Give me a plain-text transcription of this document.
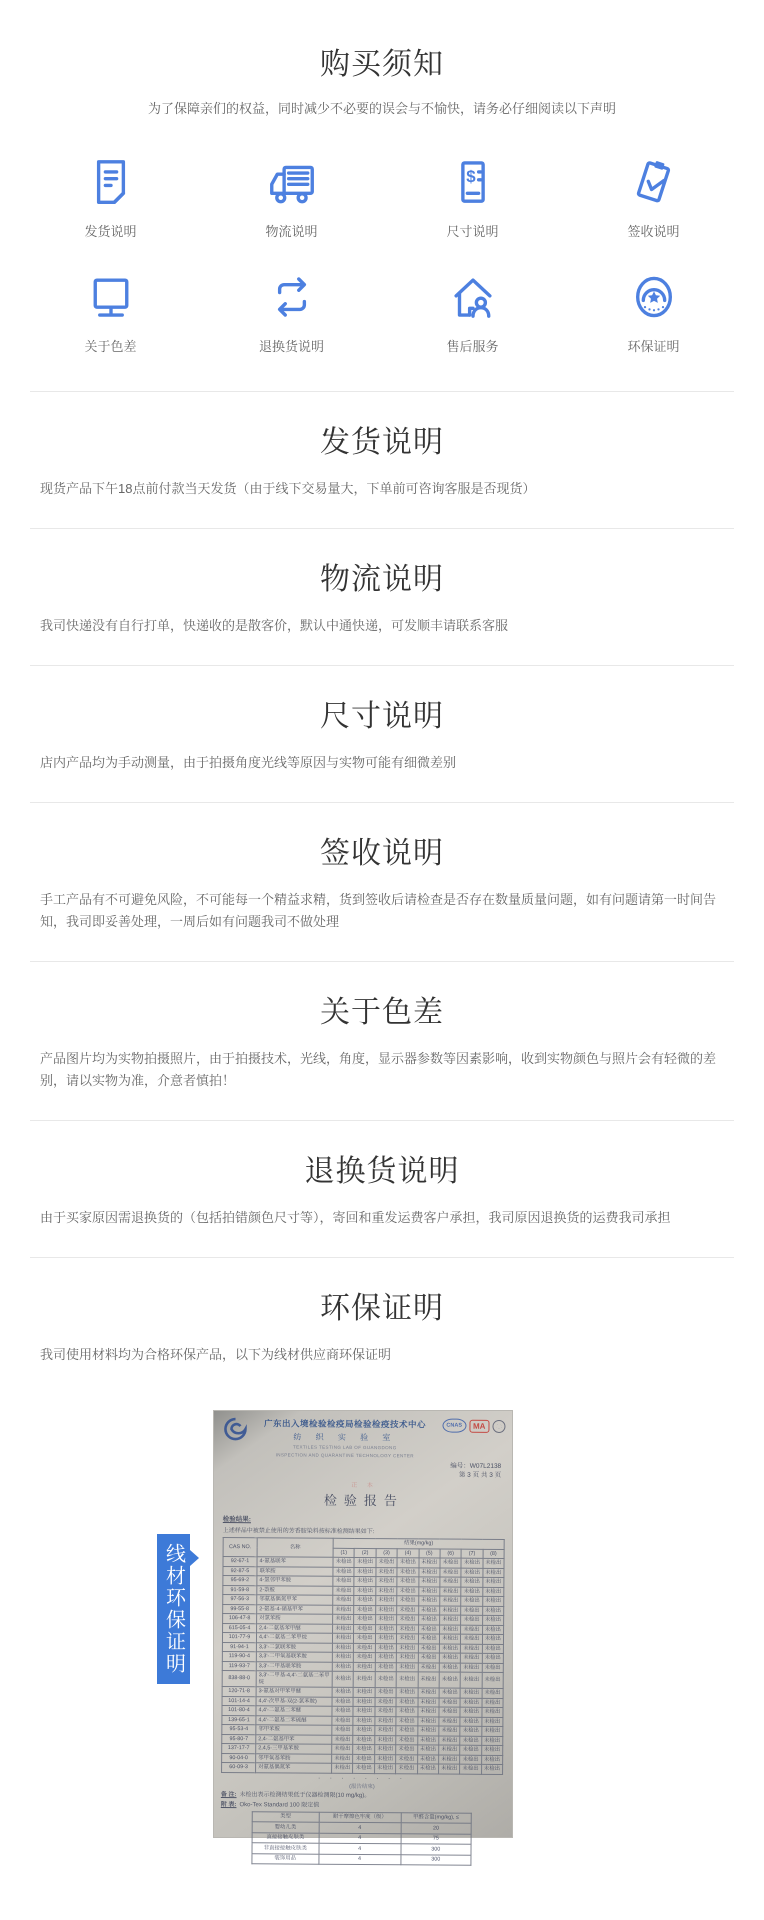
购买须知
为了保障亲们的权益，同时减少不必要的误会与不愉快，请务必仔细阅读以下声明
发货说明	物流说明
$
尺寸说明	签收说明
关于色差	退换货说明	售后服务	环保证明
发货说明

现货产品下午18点前付款当天发货（由于线下交易量大，下单前可咨询客服是否现货）

物流说明

我司快递没有自行打单，快递收的是散客价，默认中通快递，可发顺丰请联系客服

尺寸说明

店内产品均为手动测量，由于拍摄角度光线等原因与实物可能有细微差别

签收说明

手工产品有不可避免风险，不可能每一个精益求精，货到签收后请检查是否存在数量质量问题，如有问题请第一时间告知，我司即妥善处理，一周后如有问题我司不做处理

关于色差

产品图片均为实物拍摄照片，由于拍摄技术，光线，角度，显示器参数等因素影响，收到实物颜色与照片会有轻微的差别，请以实物为准，介意者慎拍！

退换货说明

由于买家原因需退换货的（包括拍错颜色尺寸等），寄回和重发运费客户承担，我司原因退换货的运费我司承担

环保证明

我司使用材料均为合格环保产品，以下为线材供应商环保证明

线材环保证明
广东出入境检验检疫局检验检疫技术中心
纺 织 实 验 室
TEXTILES TESTING LAB OF GUANGDONG
INSPECTION AND QUARANTINE TECHNOLOGY CENTER
CNAS	MA
编号：W07L2138
第 3 页 共 3 页
正 本
检验报告
检验结果:
上述样品中被禁止使用的芳香胺染料按标准检测结果如下:
CAS NO.	名称	结果(mg/kg)							
		(1)	(2)	(3)	(4)	(5)	(6)	(7)	(8)
92-67-1	4-氨基联苯	未检出	未检出	未检出	未检出	未检出	未检出	未检出	未检出
92-87-5	联苯胺	未检出	未检出	未检出	未检出	未检出	未检出	未检出	未检出
95-69-2	4-氯邻甲苯胺	未检出	未检出	未检出	未检出	未检出	未检出	未检出	未检出
91-59-8	2-萘胺	未检出	未检出	未检出	未检出	未检出	未检出	未检出	未检出
97-56-3	邻氨基偶氮甲苯	未检出	未检出	未检出	未检出	未检出	未检出	未检出	未检出
99-55-8	2-氨基-4-硝基甲苯	未检出	未检出	未检出	未检出	未检出	未检出	未检出	未检出
106-47-8	对氯苯胺	未检出	未检出	未检出	未检出	未检出	未检出	未检出	未检出
615-05-4	2,4-二氨基苯甲醚	未检出	未检出	未检出	未检出	未检出	未检出	未检出	未检出
101-77-9	4,4'-二氨基二苯甲烷	未检出	未检出	未检出	未检出	未检出	未检出	未检出	未检出
91-94-1	3,3'-二氯联苯胺	未检出	未检出	未检出	未检出	未检出	未检出	未检出	未检出
119-90-4	3,3'-二甲氧基联苯胺	未检出	未检出	未检出	未检出	未检出	未检出	未检出	未检出
119-93-7	3,3'-二甲基联苯胺	未检出	未检出	未检出	未检出	未检出	未检出	未检出	未检出
838-88-0	3,3'-二甲基-4,4'-二氨基二苯甲烷	未检出	未检出	未检出	未检出	未检出	未检出	未检出	未检出
120-71-8	3-氨基对甲苯甲醚	未检出	未检出	未检出	未检出	未检出	未检出	未检出	未检出
101-14-4	4,4'-次甲基-双(2-氯苯胺)	未检出	未检出	未检出	未检出	未检出	未检出	未检出	未检出
101-80-4	4,4'-二氨基二苯醚	未检出	未检出	未检出	未检出	未检出	未检出	未检出	未检出
139-65-1	4,4'-二氨基二苯硫醚	未检出	未检出	未检出	未检出	未检出	未检出	未检出	未检出
95-53-4	邻甲苯胺	未检出	未检出	未检出	未检出	未检出	未检出	未检出	未检出
95-80-7	2,4-二氨基甲苯	未检出	未检出	未检出	未检出	未检出	未检出	未检出	未检出
137-17-7	2,4,5-三甲基苯胺	未检出	未检出	未检出	未检出	未检出	未检出	未检出	未检出
90-04-0	邻甲氧基苯胺	未检出	未检出	未检出	未检出	未检出	未检出	未检出	未检出
60-09-3	对氨基偶氮苯	未检出	未检出	未检出	未检出	未检出	未检出	未检出	未检出
· · · · · · · ·
(报告结束)
备 注: 未检出表示检测结果低于仪器检测限(10 mg/kg)。
附 表: Oko-Tex Standard 100 限定值
类型	耐干摩擦色牢度（级）	甲醛含量(mg/kg), ≤
婴幼儿类	4	20
直接接触皮肤类	4	75
非直接接触皮肤类	4	300
装饰用品	4	300
